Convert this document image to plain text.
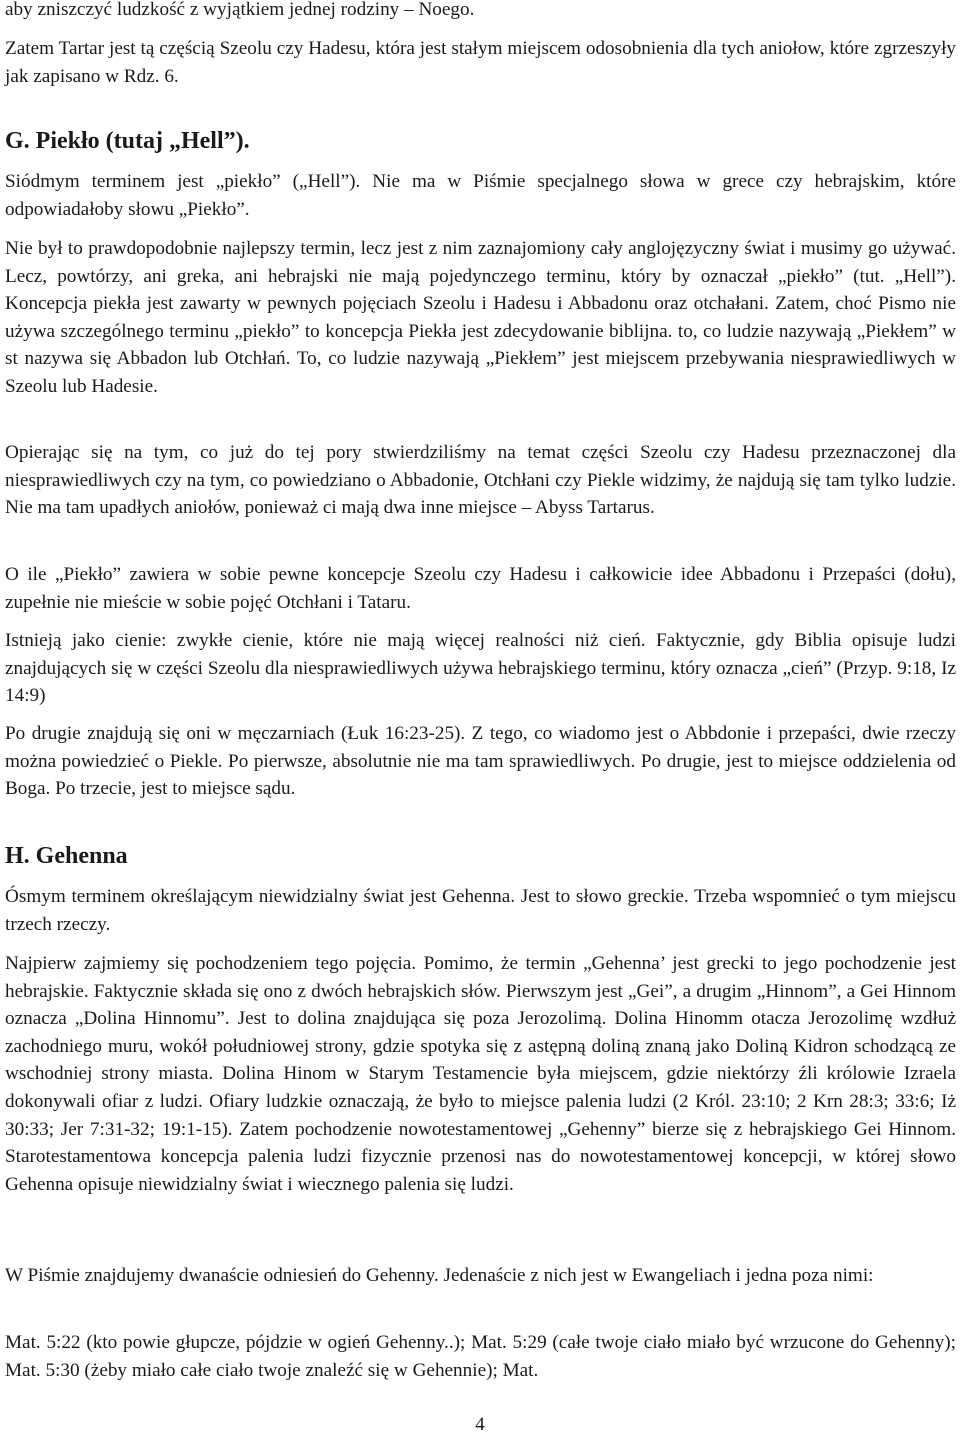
aby zniszczyć ludzkość z wyjątkiem jednej rodziny – Noego.

Zatem Tartar jest tą częścią Szeolu czy Hadesu, która jest stałym miejscem odosobnienia dla tych aniołow, które zgrzeszyły jak zapisano w Rdz. 6.

G. Piekło (tutaj „Hell”).

Siódmym terminem jest „piekło” („Hell”). Nie ma w Piśmie specjalnego słowa w grece czy hebrajskim, które odpowiadałoby słowu „Piekło”.

Nie był to prawdopodobnie najlepszy termin, lecz jest z nim zaznajomiony cały anglojęzyczny świat i musimy go używać. Lecz, powtórzy, ani greka, ani hebrajski nie mają pojedynczego terminu, który by oznaczał „piekło” (tut. „Hell”). Koncepcja piekła jest zawarty w pewnych pojęciach Szeolu i Hadesu i Abbadonu oraz otchałani. Zatem, choć Pismo nie używa szczególnego terminu „piekło” to koncepcja Piekła jest zdecydowanie biblijna. to, co ludzie nazywają „Piekłem” w st nazywa się Abbadon lub Otchłań. To, co ludzie nazywają „Piekłem” jest miejscem przebywania niesprawiedliwych w Szeolu lub Hadesie.

Opierając się na tym, co już do tej pory stwierdziliśmy na temat części Szeolu czy Hadesu przeznaczonej dla niesprawiedliwych czy na tym, co powiedziano o Abbadonie, Otchłani czy Piekle widzimy, że najdują się tam tylko ludzie. Nie ma tam upadłych aniołów, ponieważ ci mają dwa inne miejsce – Abyss Tartarus.

O ile „Piekło” zawiera w sobie pewne koncepcje Szeolu czy Hadesu i całkowicie idee Abbadonu i Przepaści (dołu), zupełnie nie mieście w sobie pojęć Otchłani i Tataru.

Istnieją jako cienie: zwykłe cienie, które nie mają więcej realności niż cień. Faktycznie, gdy Biblia opisuje ludzi znajdujących się w części Szeolu dla niesprawiedliwych używa hebrajskiego terminu, który oznacza „cień” (Przyp. 9:18, Iz 14:9)

Po drugie znajdują się oni w męczarniach (Łuk 16:23-25). Z tego, co wiadomo jest o Abbdonie i przepaści, dwie rzeczy można powiedzieć o Piekle. Po pierwsze, absolutnie nie ma tam sprawiedliwych. Po drugie, jest to miejsce oddzielenia od Boga. Po trzecie, jest to miejsce sądu.

H. Gehenna

Ósmym terminem określającym niewidzialny świat jest Gehenna. Jest to słowo greckie. Trzeba wspomnieć o tym miejscu trzech rzeczy.

Najpierw zajmiemy się pochodzeniem tego pojęcia. Pomimo, że termin „Gehenna’ jest grecki to jego pochodzenie jest hebrajskie. Faktycznie składa się ono z dwóch hebrajskich słów. Pierwszym jest „Gei”, a drugim „Hinnom”, a Gei Hinnom oznacza „Dolina Hinnomu”. Jest to dolina znajdująca się poza Jerozolimą. Dolina Hinomm otacza Jerozolimę wzdłuż zachodniego muru, wokół południowej strony, gdzie spotyka się z astępną doliną znaną jako Doliną Kidron schodzącą ze wschodniej strony miasta. Dolina Hinom w Starym Testamencie była miejscem, gdzie niektórzy źli królowie Izraela dokonywali ofiar z ludzi. Ofiary ludzkie oznaczają, że było to miejsce palenia ludzi (2 Król. 23:10; 2 Krn 28:3; 33:6; Iż 30:33; Jer 7:31-32; 19:1-15). Zatem pochodzenie nowotestamentowej „Gehenny” bierze się z hebrajskiego Gei Hinnom. Starotestamentowa koncepcja palenia ludzi fizycznie przenosi nas do nowotestamentowej koncepcji, w której słowo Gehenna opisuje niewidzialny świat i wiecznego palenia się ludzi.

W Piśmie znajdujemy dwanaście odniesień do Gehenny. Jedenaście z nich jest w Ewangeliach i jedna poza nimi:

Mat. 5:22 (kto powie głupcze, pójdzie w ogień Gehenny..); Mat. 5:29 (całe twoje ciało miało być wrzucone do Gehenny); Mat. 5:30 (żeby miało całe ciało twoje znaleźć się w Gehennie); Mat.

4
